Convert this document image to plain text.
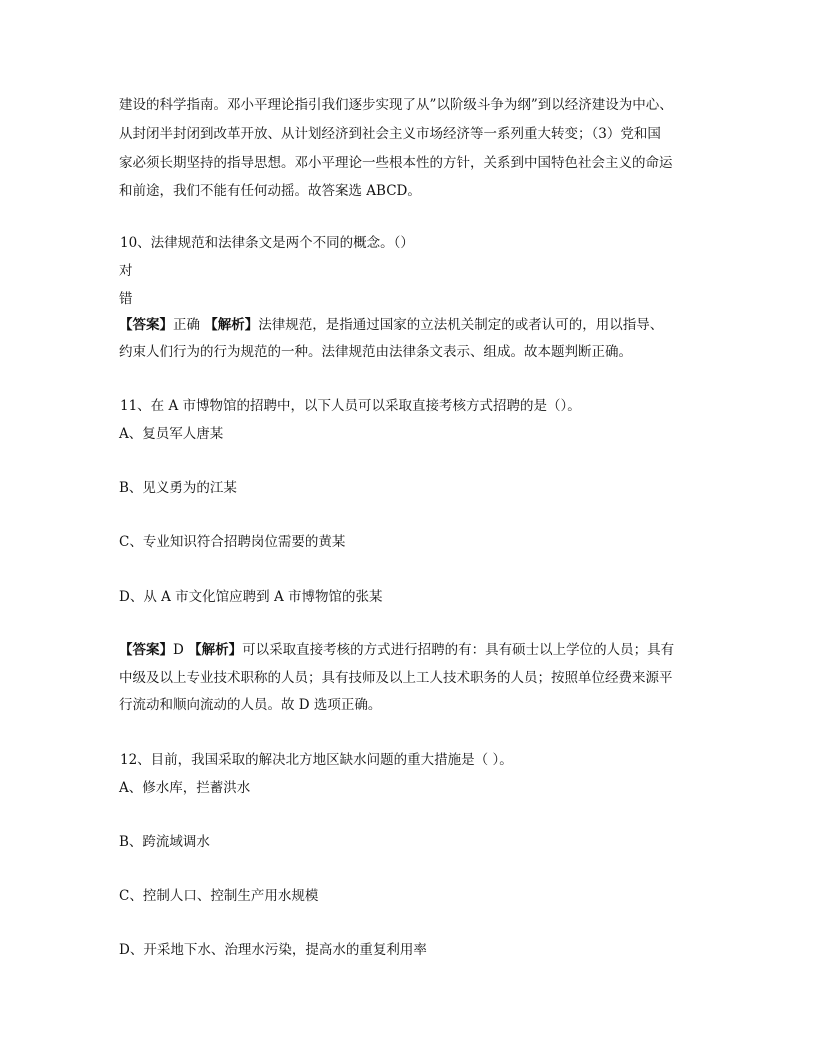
建设的科学指南。邓小平理论指引我们逐步实现了从”以阶级斗争为纲”到以经济建设为中心、
从封闭半封闭到改革开放、从计划经济到社会主义市场经济等一系列重大转变；（3）党和国
家必须长期坚持的指导思想。邓小平理论一些根本性的方针，关系到中国特色社会主义的命运
和前途，我们不能有任何动摇。故答案选 ABCD。
10、法律规范和法律条文是两个不同的概念。（）
对
错
【答案】正确 【解析】法律规范，是指通过国家的立法机关制定的或者认可的，用以指导、
约束人们行为的行为规范的一种。法律规范由法律条文表示、组成。故本题判断正确。
11、在 A 市博物馆的招聘中，以下人员可以采取直接考核方式招聘的是（）。
A、复员军人唐某
B、见义勇为的江某
C、专业知识符合招聘岗位需要的黄某
D、从 A 市文化馆应聘到 A 市博物馆的张某
【答案】D 【解析】可以采取直接考核的方式进行招聘的有：具有硕士以上学位的人员；具有
中级及以上专业技术职称的人员；具有技师及以上工人技术职务的人员；按照单位经费来源平
行流动和顺向流动的人员。故 D 选项正确。
12、目前，我国采取的解决北方地区缺水问题的重大措施是（ ）。
A、修水库，拦蓄洪水
B、跨流域调水
C、控制人口、控制生产用水规模
D、开采地下水、治理水污染，提高水的重复利用率
